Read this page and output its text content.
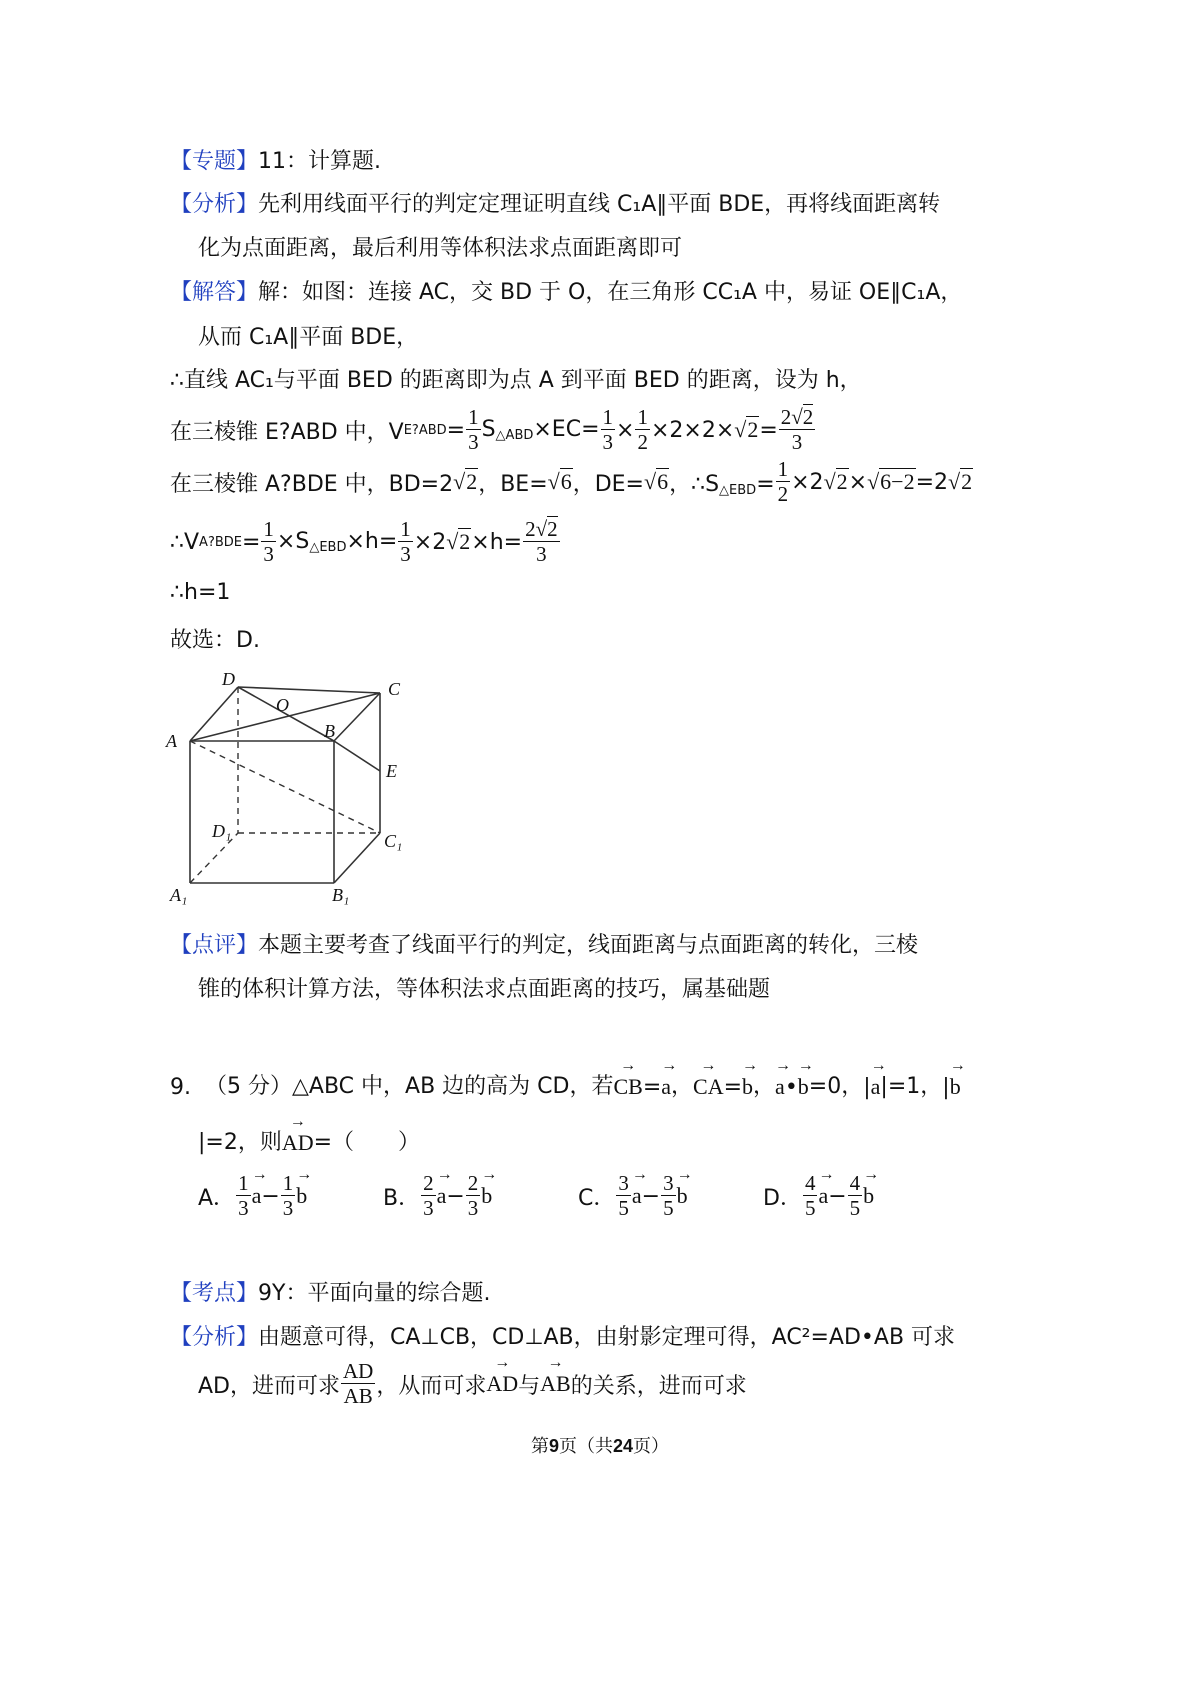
【专题】11：计算题.
【分析】先利用线面平行的判定定理证明直线 C₁A∥平面 BDE，再将线面距离转
化为点面距离，最后利用等体积法求点面距离即可
【解答】解：如图：连接 AC，交 BD 于 O，在三角形 CC₁A 中，易证 OE∥C₁A，
从而 C₁A∥平面 BDE，
∴直线 AC₁与平面 BED 的距离即为点 A 到平面 BED 的距离，设为 h，
在三棱锥 E?ABD 中，V E?ABD = $\frac{1}{3} S_{\triangle ABD}\times EC= \frac{1}{3} \times \frac{1}{2} \times 2\times 2\times √2 = \frac{2√2}{3}$
在三棱锥 A?BDE 中，BD=2 √2 ，BE= √6 ，DE= √6 ，$\therefore S_{\triangle EBD}= \frac{1}{2} \times 2$ √2 × √6−2 =2 √2
∴V A?BDE = $\frac{1}{3} \times S_{\triangle EBD}\times h= \frac{1}{3} \times 2$ $√2 \times h= \frac{2√2}{3}$
∴h=1
故选：D.
D	C
O
B
A
E
D₁	C₁
A₁	B₁
【点评】本题主要考查了线面平行的判定，线面距离与点面距离的转化，三棱
锥的体积计算方法，等体积法求点面距离的技巧，属基础题
9. （5 分）△ABC 中，AB 边的高为 CD，若
→ CB =
→ a ，
→ CA =
→ b ，
→ a •
→ b =0， |
→ a |=1， |
→ b
|=2，则
→ AD =（　　）
A． $\frac{1}{3}$
→ $a - \frac{1}{3}$
→ b	B． $\frac{2}{3}$
→ $a - \frac{2}{3}$
→ b	C． $\frac{3}{5}$
→ $a - \frac{3}{5}$
→ b	D． $\frac{4}{5}$
→ $a - \frac{4}{5}$
→ b
【考点】9Y：平面向量的综合题.
【分析】由题意可得，CA⊥CB，CD⊥AB，由射影定理可得，AC²=AD•AB 可求
AD，进而可求 $\frac{AD}{AB}$ ，从而可求
→ AD 与
→ AB 的关系，进而可求
第9页（共24页）
